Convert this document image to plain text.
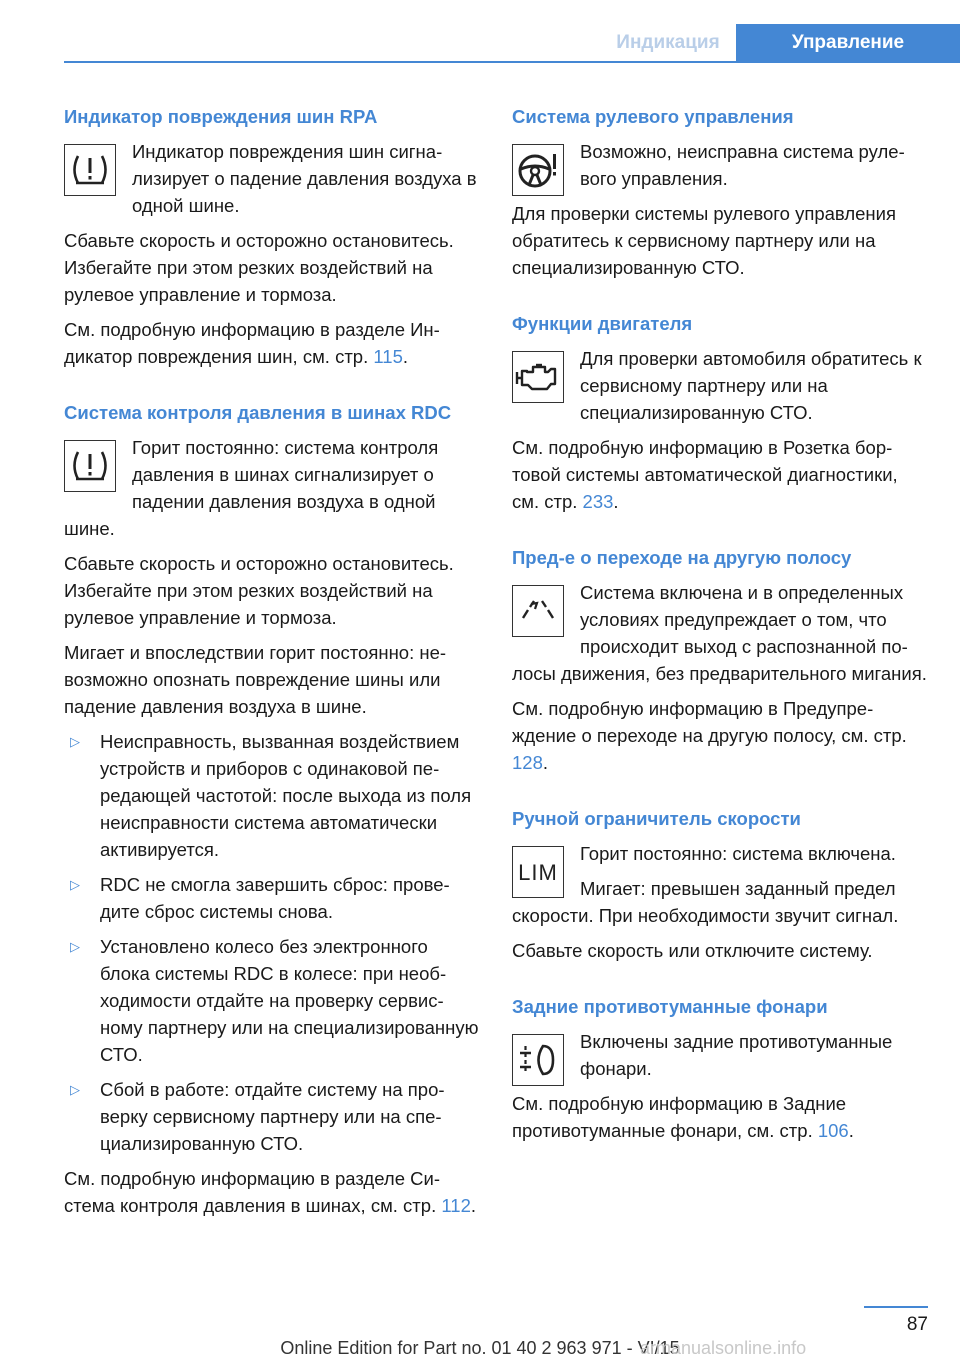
Индикация	Управление
Индикатор повреждения шин RPA

Индикатор повреждения шин сигнализирует о падение давления воздуха в одной шине.

Сбавьте скорость и осторожно остановитесь. Избегайте при этом резких воздействий на рулевое управление и тормоза.

См. подробную информацию в разделе Индикатор повреждения шин, см. стр. 115.

Система контроля давления в шинах RDC

Горит постоянно: система контроля давления в шинах сигнализирует о падении давления воздуха в одной шине.

Сбавьте скорость и осторожно остановитесь. Избегайте при этом резких воздействий на рулевое управление и тормоза.

Мигает и впоследствии горит постоянно: невозможно опознать повреждение шины или падение давления воздуха в шине.

▷ Неисправность, вызванная воздействием устройств и приборов с одинаковой передающей частотой: после выхода из поля неисправности система автоматически активируется.
▷ RDC не смогла завершить сброс: проведите сброс системы снова.
▷ Установлено колесо без электронного блока системы RDC в колесе: при необходимости отдайте на проверку сервисному партнеру или на специализированную СТО.
▷ Сбой в работе: отдайте систему на проверку сервисному партнеру или на специализированную СТО.

См. подробную информацию в разделе Система контроля давления в шинах, см. стр. 112.

Система рулевого управления

Возможно, неисправна система рулевого управления.

Для проверки системы рулевого управления обратитесь к сервисному партнеру или на специализированную СТО.

Функции двигателя

Для проверки автомобиля обратитесь к сервисному партнеру или на специализированную СТО.

См. подробную информацию в Розетка бортовой системы автоматической диагностики, см. стр. 233.

Пред-е о переходе на другую полосу

Система включена и в определенных условиях предупреждает о том, что происходит выход с распознанной полосы движения, без предварительного мигания.

См. подробную информацию в Предупреждение о переходе на другую полосу, см. стр. 128.

Ручной ограничитель скорости
LIM

Горит постоянно: система включена.

Мигает: превышен заданный предел скорости. При необходимости звучит сигнал.

Сбавьте скорость или отключите систему.

Задние противотуманные фонари

Включены задние противотуманные фонари.

См. подробную информацию в Задние противотуманные фонари, см. стр. 106.

87
Online Edition for Part no. 01 40 2 963 971 - VI/15
armanualsonline.info
